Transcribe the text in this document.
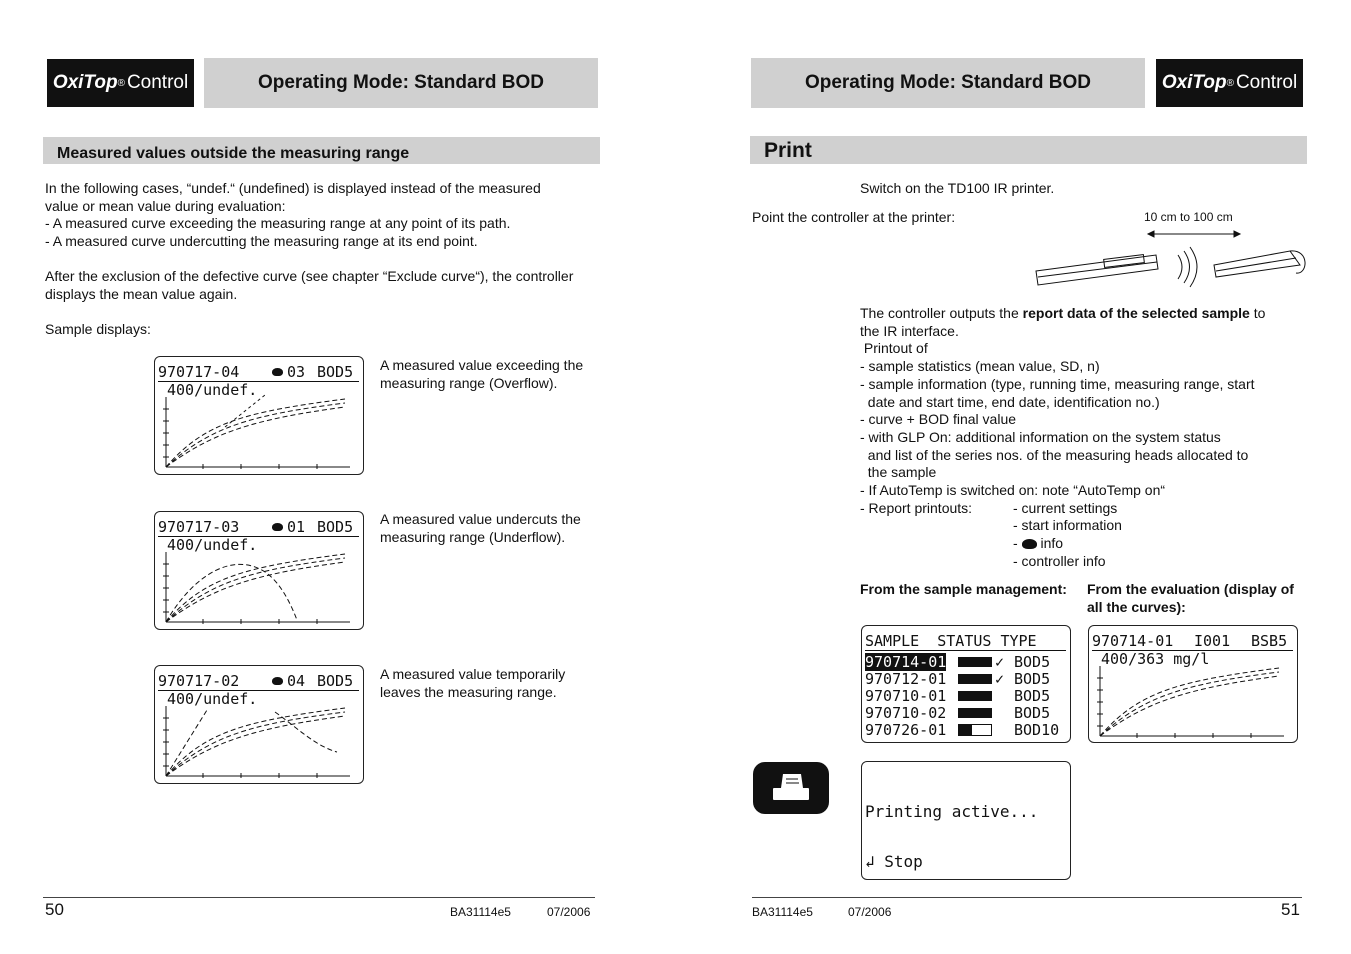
OxiTop ® Control	Operating Mode: Standard BOD
Measured values outside the measuring range
In the following cases, “undef.“ (undefined) is displayed instead of the measured
value or mean value during evaluation:
- A measured curve exceeding the measuring range at any point of its path.
- A measured curve undercutting the measuring range at its end point.
After the exclusion of the defective curve (see chapter “Exclude curve“), the controller
displays the mean value again.
Sample displays:
970717-04	03 BOD5
400/undef.
A measured value exceeding the
measuring range (Overflow).
970717-03	01 BOD5
400/undef.
A measured value undercuts the
measuring range (Underflow).
970717-02	04 BOD5
400/undef.
A measured value temporarily
leaves the measuring range.
50	BA31114e5	07/2006
Operating Mode: Standard BOD	OxiTop ® Control
Print
Switch on the TD100 IR printer.
Point the controller at the printer:	10 cm to 100 cm
The controller outputs the report data of the selected sample to
the IR interface.
Printout of
- sample statistics (mean value, SD, n)
- sample information (type, running time, measuring range, start
date and start time, end date, identification no.)
- curve + BOD final value
- with GLP On: additional information on the system status
and list of the series nos. of the measuring heads allocated to
the sample
- If AutoTemp is switched on: note “AutoTemp on“
- Report printouts:	- current settings
- start information
-  info
- controller info
From the sample management: From the evaluation (display of
all the curves):
SAMPLE  STATUS TYPE
970714-01	✓ BOD5
970712-01	✓ BOD5
970710-01	BOD5
970710-02	BOD5
970726-01	BOD10
970714-01 I001 BSB5
400/363 mg/l
Printing active...
↲ Stop
BA31114e5	07/2006	51
